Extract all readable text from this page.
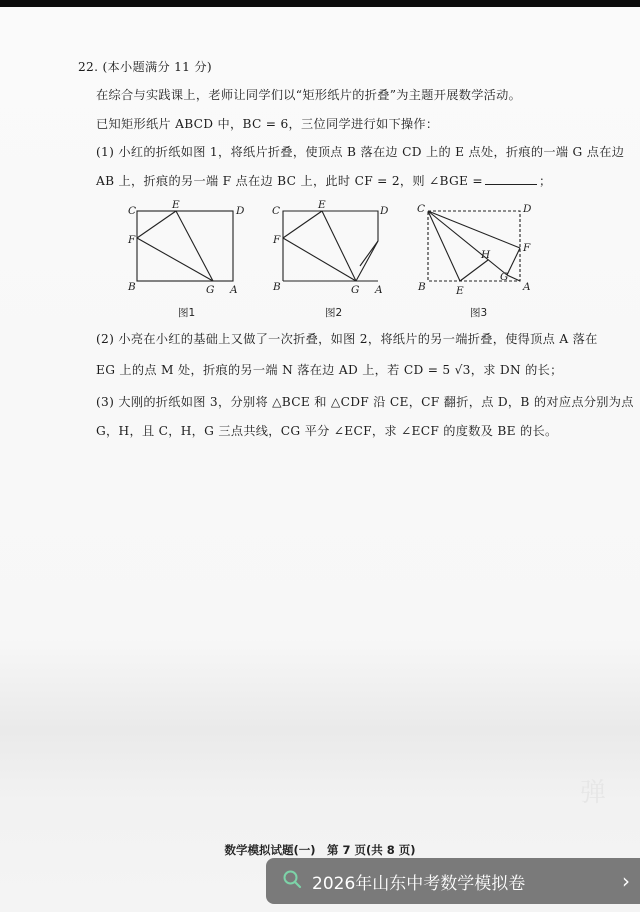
22. (本小题满分 11 分)
在综合与实践课上，老师让同学们以“矩形纸片的折叠”为主题开展数学活动。
已知矩形纸片 ABCD 中，BC = 6，三位同学进行如下操作：
(1) 小红的折纸如图 1，将纸片折叠，使顶点 B 落在边 CD 上的 E 点处，折痕的一端 G 点在边
AB 上，折痕的另一端 F 点在边 BC 上，此时 CF = 2，则 ∠BGE =	；
C	E	D
F
B	G A
C	E	D
F
B	G A
C	D
F
H
G
B	E	A
图1	图2	图3
(2) 小亮在小红的基础上又做了一次折叠，如图 2，将纸片的另一端折叠，使得顶点 A 落在
EG 上的点 M 处，折痕的另一端 N 落在边 AD 上，若 CD = 5 √3，求 DN 的长；
(3) 大刚的折纸如图 3，分别将 △BCE 和 △CDF 沿 CE，CF 翻折，点 D，B 的对应点分别为点
G，H，且 C，H，G 三点共线，CG 平分 ∠ECF，求 ∠ECF 的度数及 BE 的长。
弹
数学模拟试题(一)　第 7 页(共 8 页)
2026年山东中考数学模拟卷	›
